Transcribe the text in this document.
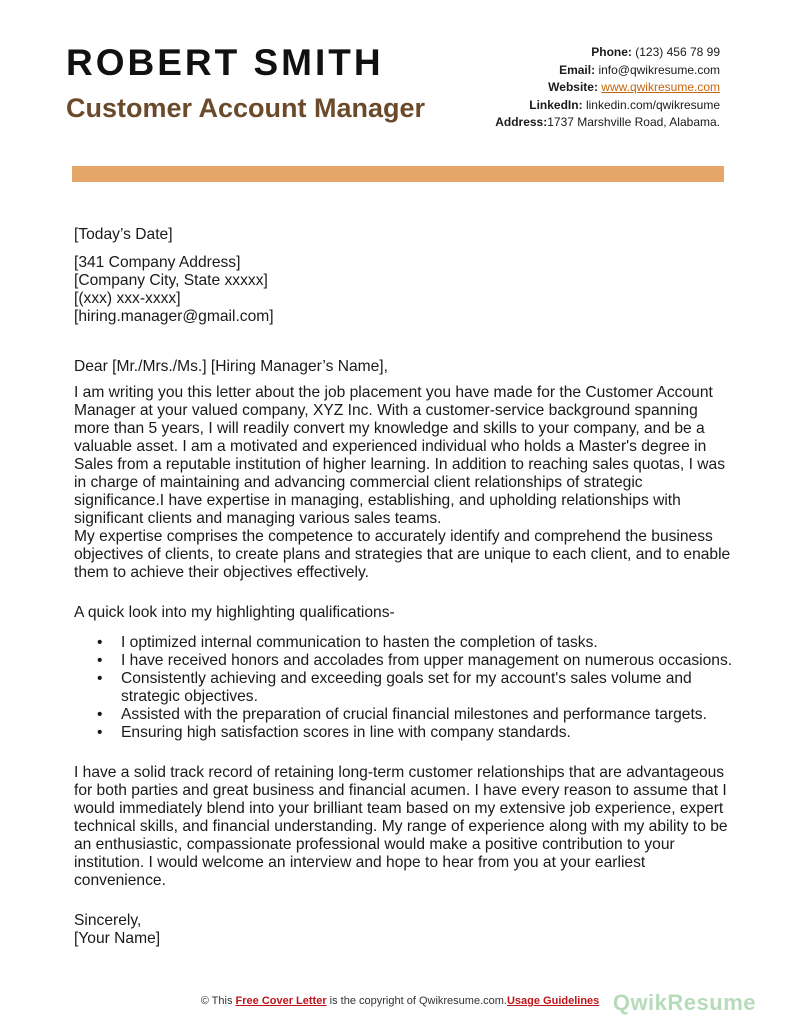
ROBERT SMITH
Customer Account Manager
Phone: (123) 456 78 99
Email: info@qwikresume.com
Website: www.qwikresume.com
LinkedIn: linkedin.com/qwikresume
Address:1737 Marshville Road, Alabama.

[Today’s Date]

[341 Company Address]

[Company City, State xxxxx]

[(xxx) xxx-xxxx]

[hiring.manager@gmail.com]

Dear [Mr./Mrs./Ms.] [Hiring Manager’s Name],

I am writing you this letter about the job placement you have made for the Customer Account Manager at your valued company, XYZ Inc. With a customer-service background spanning more than 5 years, I will readily convert my knowledge and skills to your company, and be a valuable asset. I am a motivated and experienced individual who holds a Master's degree in Sales from a reputable institution of higher learning. In addition to reaching sales quotas, I was in charge of maintaining and advancing commercial client relationships of strategic significance.I have expertise in managing, establishing, and upholding relationships with significant clients and managing various sales teams.

My expertise comprises the competence to accurately identify and comprehend the business objectives of clients, to create plans and strategies that are unique to each client, and to enable them to achieve their objectives effectively.

A quick look into my highlighting qualifications-

• I optimized internal communication to hasten the completion of tasks.
• I have received honors and accolades from upper management on numerous occasions.
• Consistently achieving and exceeding goals set for my account's sales volume and strategic objectives.
• Assisted with the preparation of crucial financial milestones and performance targets.
• Ensuring high satisfaction scores in line with company standards.

I have a solid track record of retaining long-term customer relationships that are advantageous for both parties and great business and financial acumen. I have every reason to assume that I would immediately blend into your brilliant team based on my extensive job experience, expert technical skills, and financial understanding. My range of experience along with my ability to be an enthusiastic, compassionate professional would make a positive contribution to your institution. I would welcome an interview and hope to hear from you at your earliest convenience.

Sincerely,

[Your Name]

© This Free Cover Letter is the copyright of Qwikresume.com.Usage Guidelines QwikResume
